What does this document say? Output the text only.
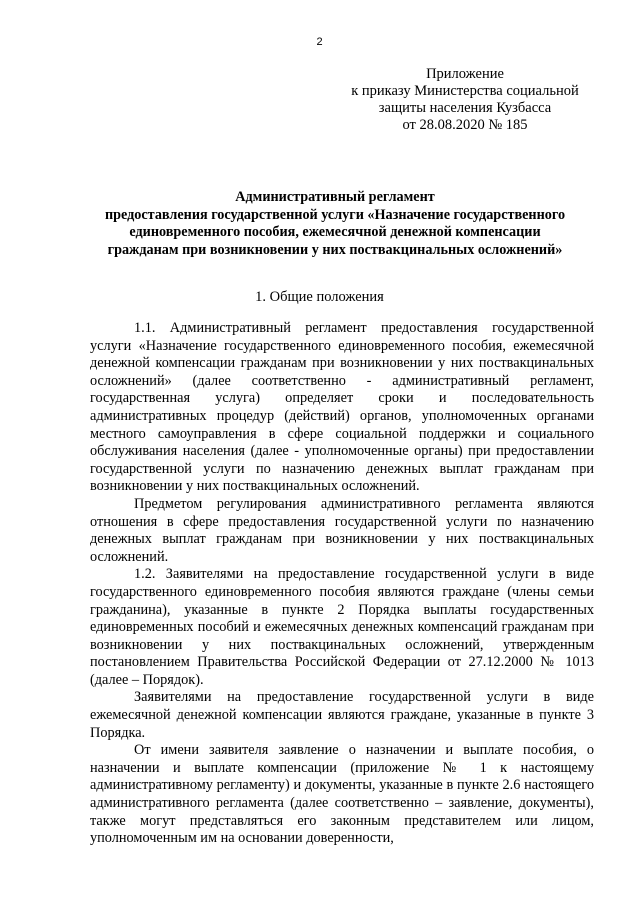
2
Приложение
к приказу Министерства социальной
защиты населения Кузбасса
от 28.08.2020 № 185
Административный регламент
предоставления государственной услуги «Назначение государственного
единовременного пособия, ежемесячной денежной компенсации
гражданам при возникновении у них поствакцинальных осложнений»
1. Общие положения

1.1. Административный регламент предоставления государственной услуги «Назначение государственного единовременного пособия, ежемесячной денежной компенсации гражданам при возникновении у них поствакцинальных осложнений» (далее соответственно - административный регламент, государственная услуга) определяет сроки и последовательность административных процедур (действий) органов, уполномоченных органами местного самоуправления в сфере социальной поддержки и социального обслуживания населения (далее - уполномоченные органы) при предоставлении государственной услуги по назначению денежных выплат гражданам при возникновении у них поствакцинальных осложнений.

Предметом регулирования административного регламента являются отношения в сфере предоставления государственной услуги по назначению денежных выплат гражданам при возникновении у них поствакцинальных осложнений.

1.2. Заявителями на предоставление государственной услуги в виде государственного единовременного пособия являются граждане (члены семьи гражданина), указанные в пункте 2 Порядка выплаты государственных единовременных пособий и ежемесячных денежных компенсаций гражданам при возникновении у них поствакцинальных осложнений, утвержденным постановлением Правительства Российской Федерации от 27.12.2000 № 1013 (далее – Порядок).

Заявителями на предоставление государственной услуги в виде ежемесячной денежной компенсации являются граждане, указанные в пункте 3 Порядка.

От имени заявителя заявление о назначении и выплате пособия, о назначении и выплате компенсации (приложение № 1 к настоящему административному регламенту) и документы, указанные в пункте 2.6 настоящего административного регламента (далее соответственно – заявление, документы), также могут представляться его законным представителем или лицом, уполномоченным им на основании доверенности,
